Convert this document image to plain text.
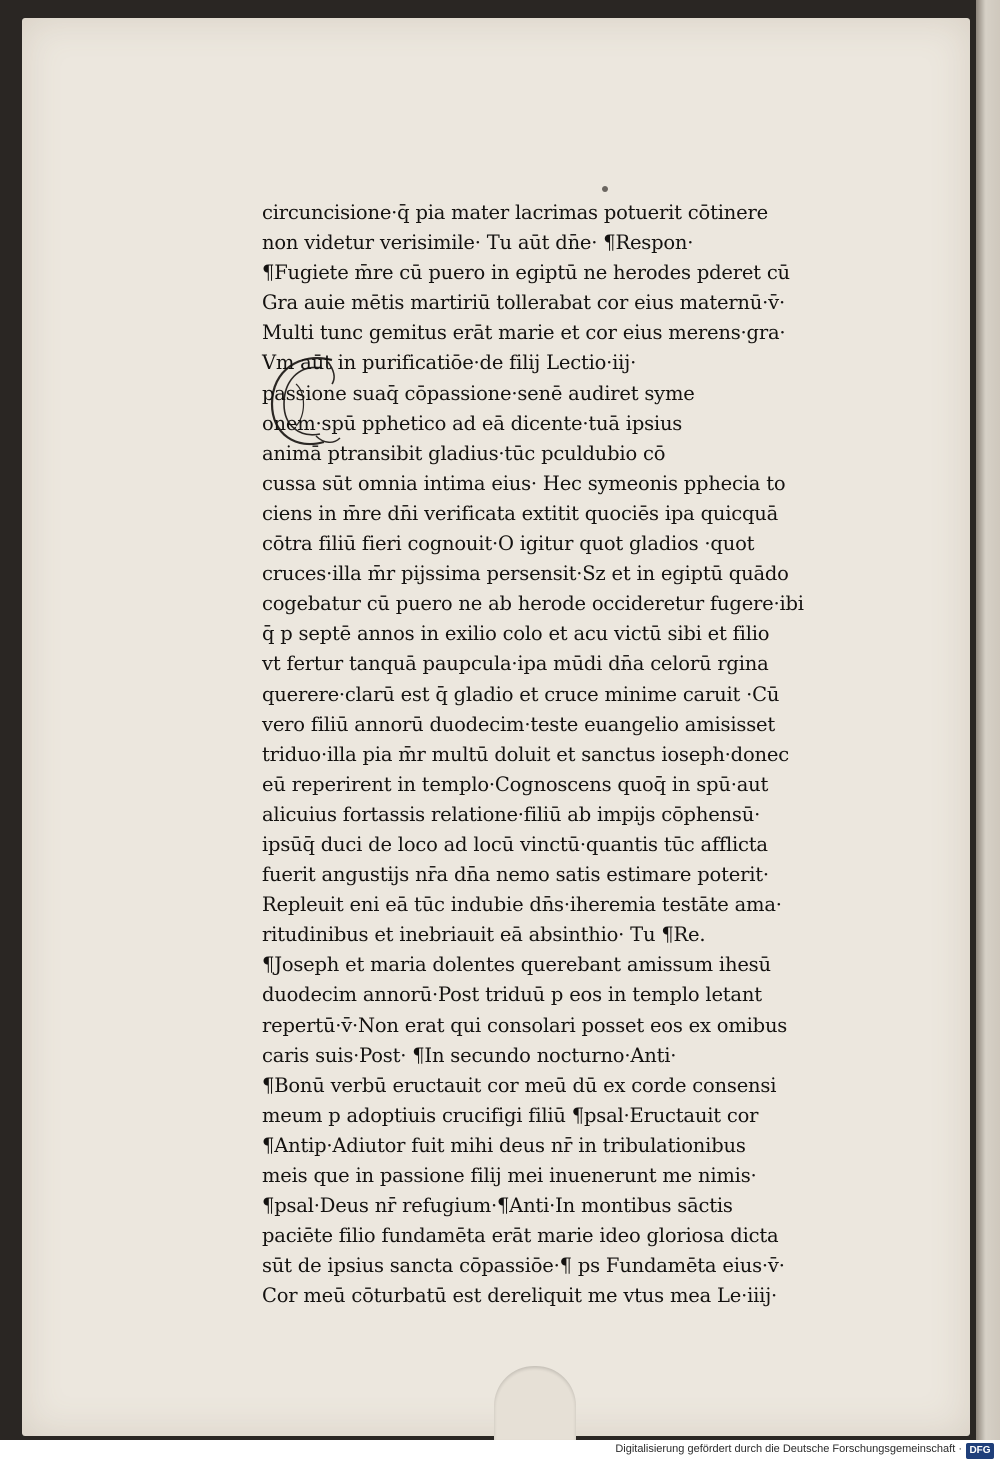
circuncisione·q̄ pia mater lacrimas potuerit cōtinere
non videtur verisimile· Tu aūt dn̄e· ¶Respon·
¶Fugiete m̄re cū puero in egiptū ne herodes pderet cū
Gra auie mētis martiriū tollerabat cor eius maternū·v̄·
Multi tunc gemitus erāt marie et cor eius merens·gra·
Vm aūt in purificatiōe·de filij Lectio·iij·
passione suaq̄ cōpassione·senē audiret syme
onem·spū pphetico ad eā dicente·tuā ipsius
animā ptransibit gladius·tūc pculdubio cō
cussa sūt omnia intima eius· Hec symeonis pphecia to
ciens in m̄re dn̄i verificata extitit quociēs ipa quicquā
cōtra filiū fieri cognouit·O igitur quot gladios ·quot
cruces·illa m̄r pijssima persensit·Sz et in egiptū quādo
cogebatur cū puero ne ab herode occideretur fugere·ibi
q̄ p septē annos in exilio colo et acu victū sibi et filio
vt fertur tanquā paupcula·ipa mūdi dn̄a celorū rgina
querere·clarū est q̄ gladio et cruce minime caruit ·Cū
vero filiū annorū duodecim·teste euangelio amisisset
triduo·illa pia m̄r multū doluit et sanctus ioseph·donec
eū reperirent in templo·Cognoscens quoq̄ in spū·aut
alicuius fortassis relatione·filiū ab impijs cōphensū·
ipsūq̄ duci de loco ad locū vinctū·quantis tūc afflicta
fuerit angustijs nr̄a dn̄a nemo satis estimare poterit·
Repleuit eni eā tūc indubie dn̄s·iheremia testāte ama·
ritudinibus et inebriauit eā absinthio· Tu ¶Re.
¶Joseph et maria dolentes querebant amissum ihesū
duodecim annorū·Post triduū p eos in templo letant
repertū·v̄·Non erat qui consolari posset eos ex omibus
caris suis·Post· ¶In secundo nocturno·Anti·
¶Bonū verbū eructauit cor meū dū ex corde consensi
meum p adoptiuis crucifigi filiū ¶psal·Eructauit cor
¶Antip·Adiutor fuit mihi deus nr̄ in tribulationibus
meis que in passione filij mei inuenerunt me nimis·
¶psal·Deus nr̄ refugium·¶Anti·In montibus sāctis
paciēte filio fundamēta erāt marie ideo gloriosa dicta
sūt de ipsius sancta cōpassiōe·¶ ps Fundamēta eius·v̄·
Cor meū cōturbatū est dereliquit me vtus mea Le·iiij·
Digitalisierung gefördert durch die Deutsche Forschungsgemeinschaft · DFG
